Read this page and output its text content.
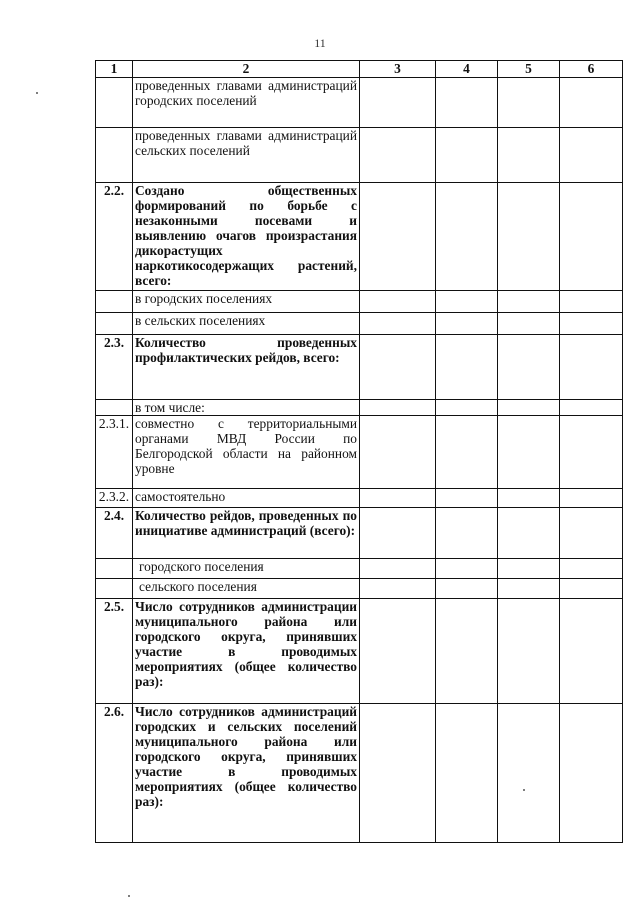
11
1	2	3	4	5	6
	проведенных главами администраций городских поселений				
	проведенных главами администраций сельских поселений				
2.2.	Создано общественных формирований по борьбе с незаконными посевами и выявлению очагов произрастания дикорастущих наркотикосодержащих растений, всего:				
	в городских поселениях				
	в сельских поселениях				
2.3.	Количество проведенных профилактических рейдов, всего:				
	в том числе:				
2.3.1.	совместно с территориальными органами МВД России по Белгородской области на районном уровне				
2.3.2.	самостоятельно				
2.4.	Количество рейдов, проведенных по инициативе администраций (всего):				
	городского поселения				
	сельского поселения				
2.5.	Число сотрудников администрации муниципального района или городского округа, принявших участие в проводимых мероприятиях (общее количество раз):				
2.6.	Число сотрудников администраций городских и сельских поселений муниципального района или городского округа, принявших участие в проводимых мероприятиях (общее количество раз):				
